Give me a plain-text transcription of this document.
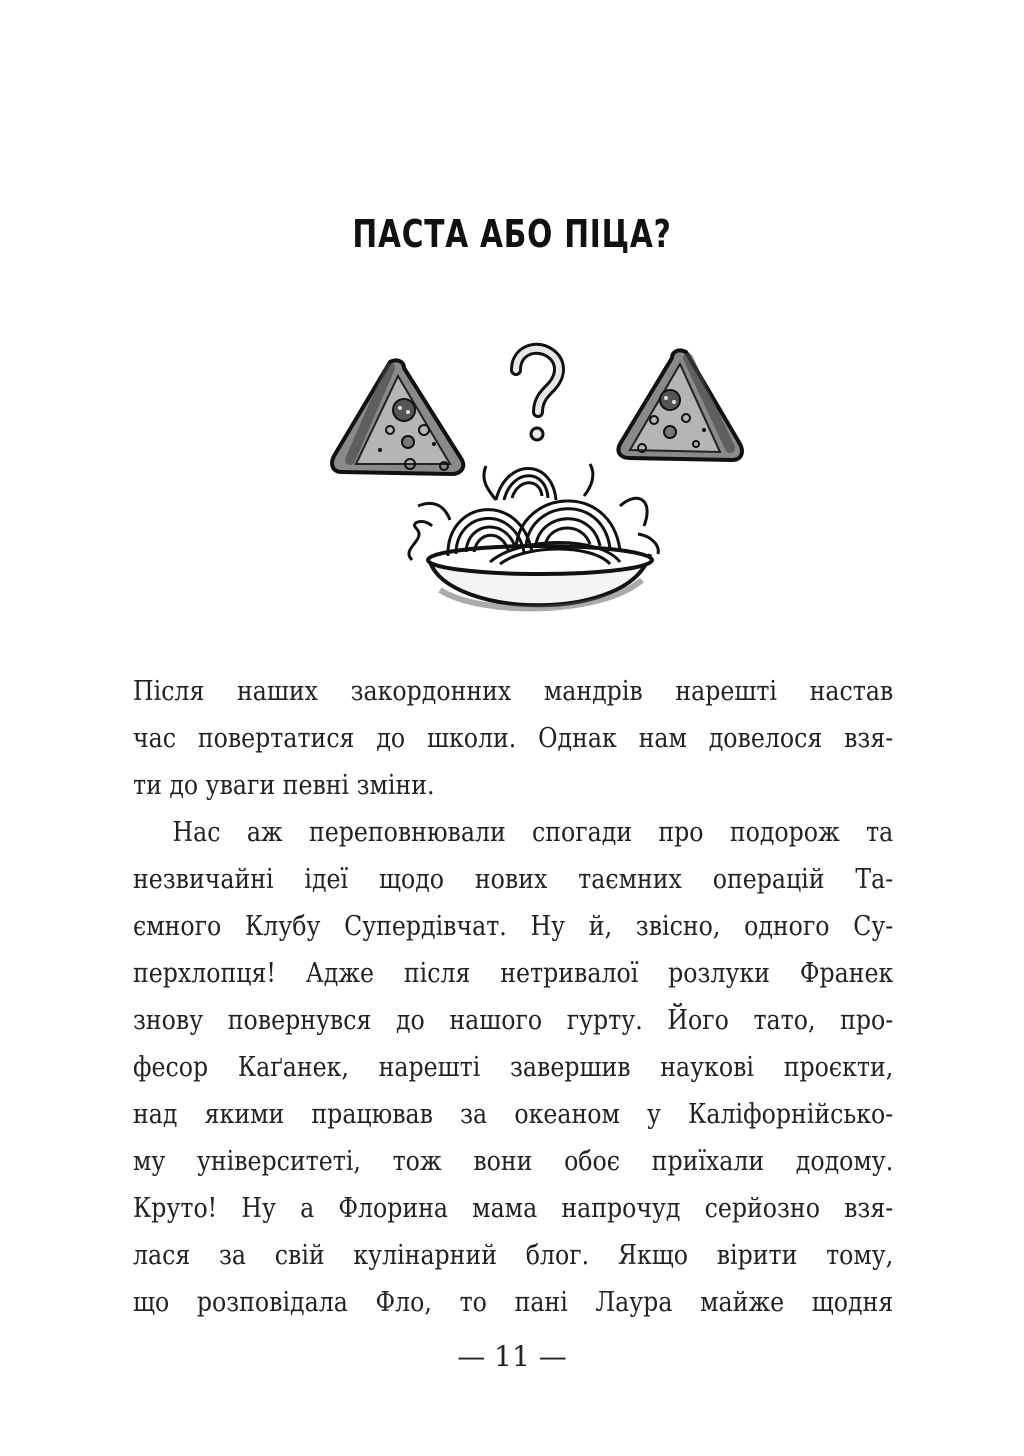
ПАСТА АБО ПІЦА?
Після наших закордонних мандрів нарешті настав
час повертатися до школи. Однак нам довелося взя-
ти до уваги певні зміни.
Нас аж переповнювали спогади про подорож та
незвичайні ідеї щодо нових таємних операцій Та-
ємного Клубу Супердівчат. Ну й, звісно, одного Су-
перхлопця! Адже після нетривалої розлуки Франек
знову повернувся до нашого гурту. Його тато, про-
фесор Каґанек, нарешті завершив наукові проєкти,
над якими працював за океаном у Каліфорнійсько-
му університеті, тож вони обоє приїхали додому.
Круто! Ну а Флорина мама напрочуд серйозно взя-
лася за свій кулінарний блог. Якщо вірити тому,
що розповідала Фло, то пані Лаура майже щодня
— 11 —
